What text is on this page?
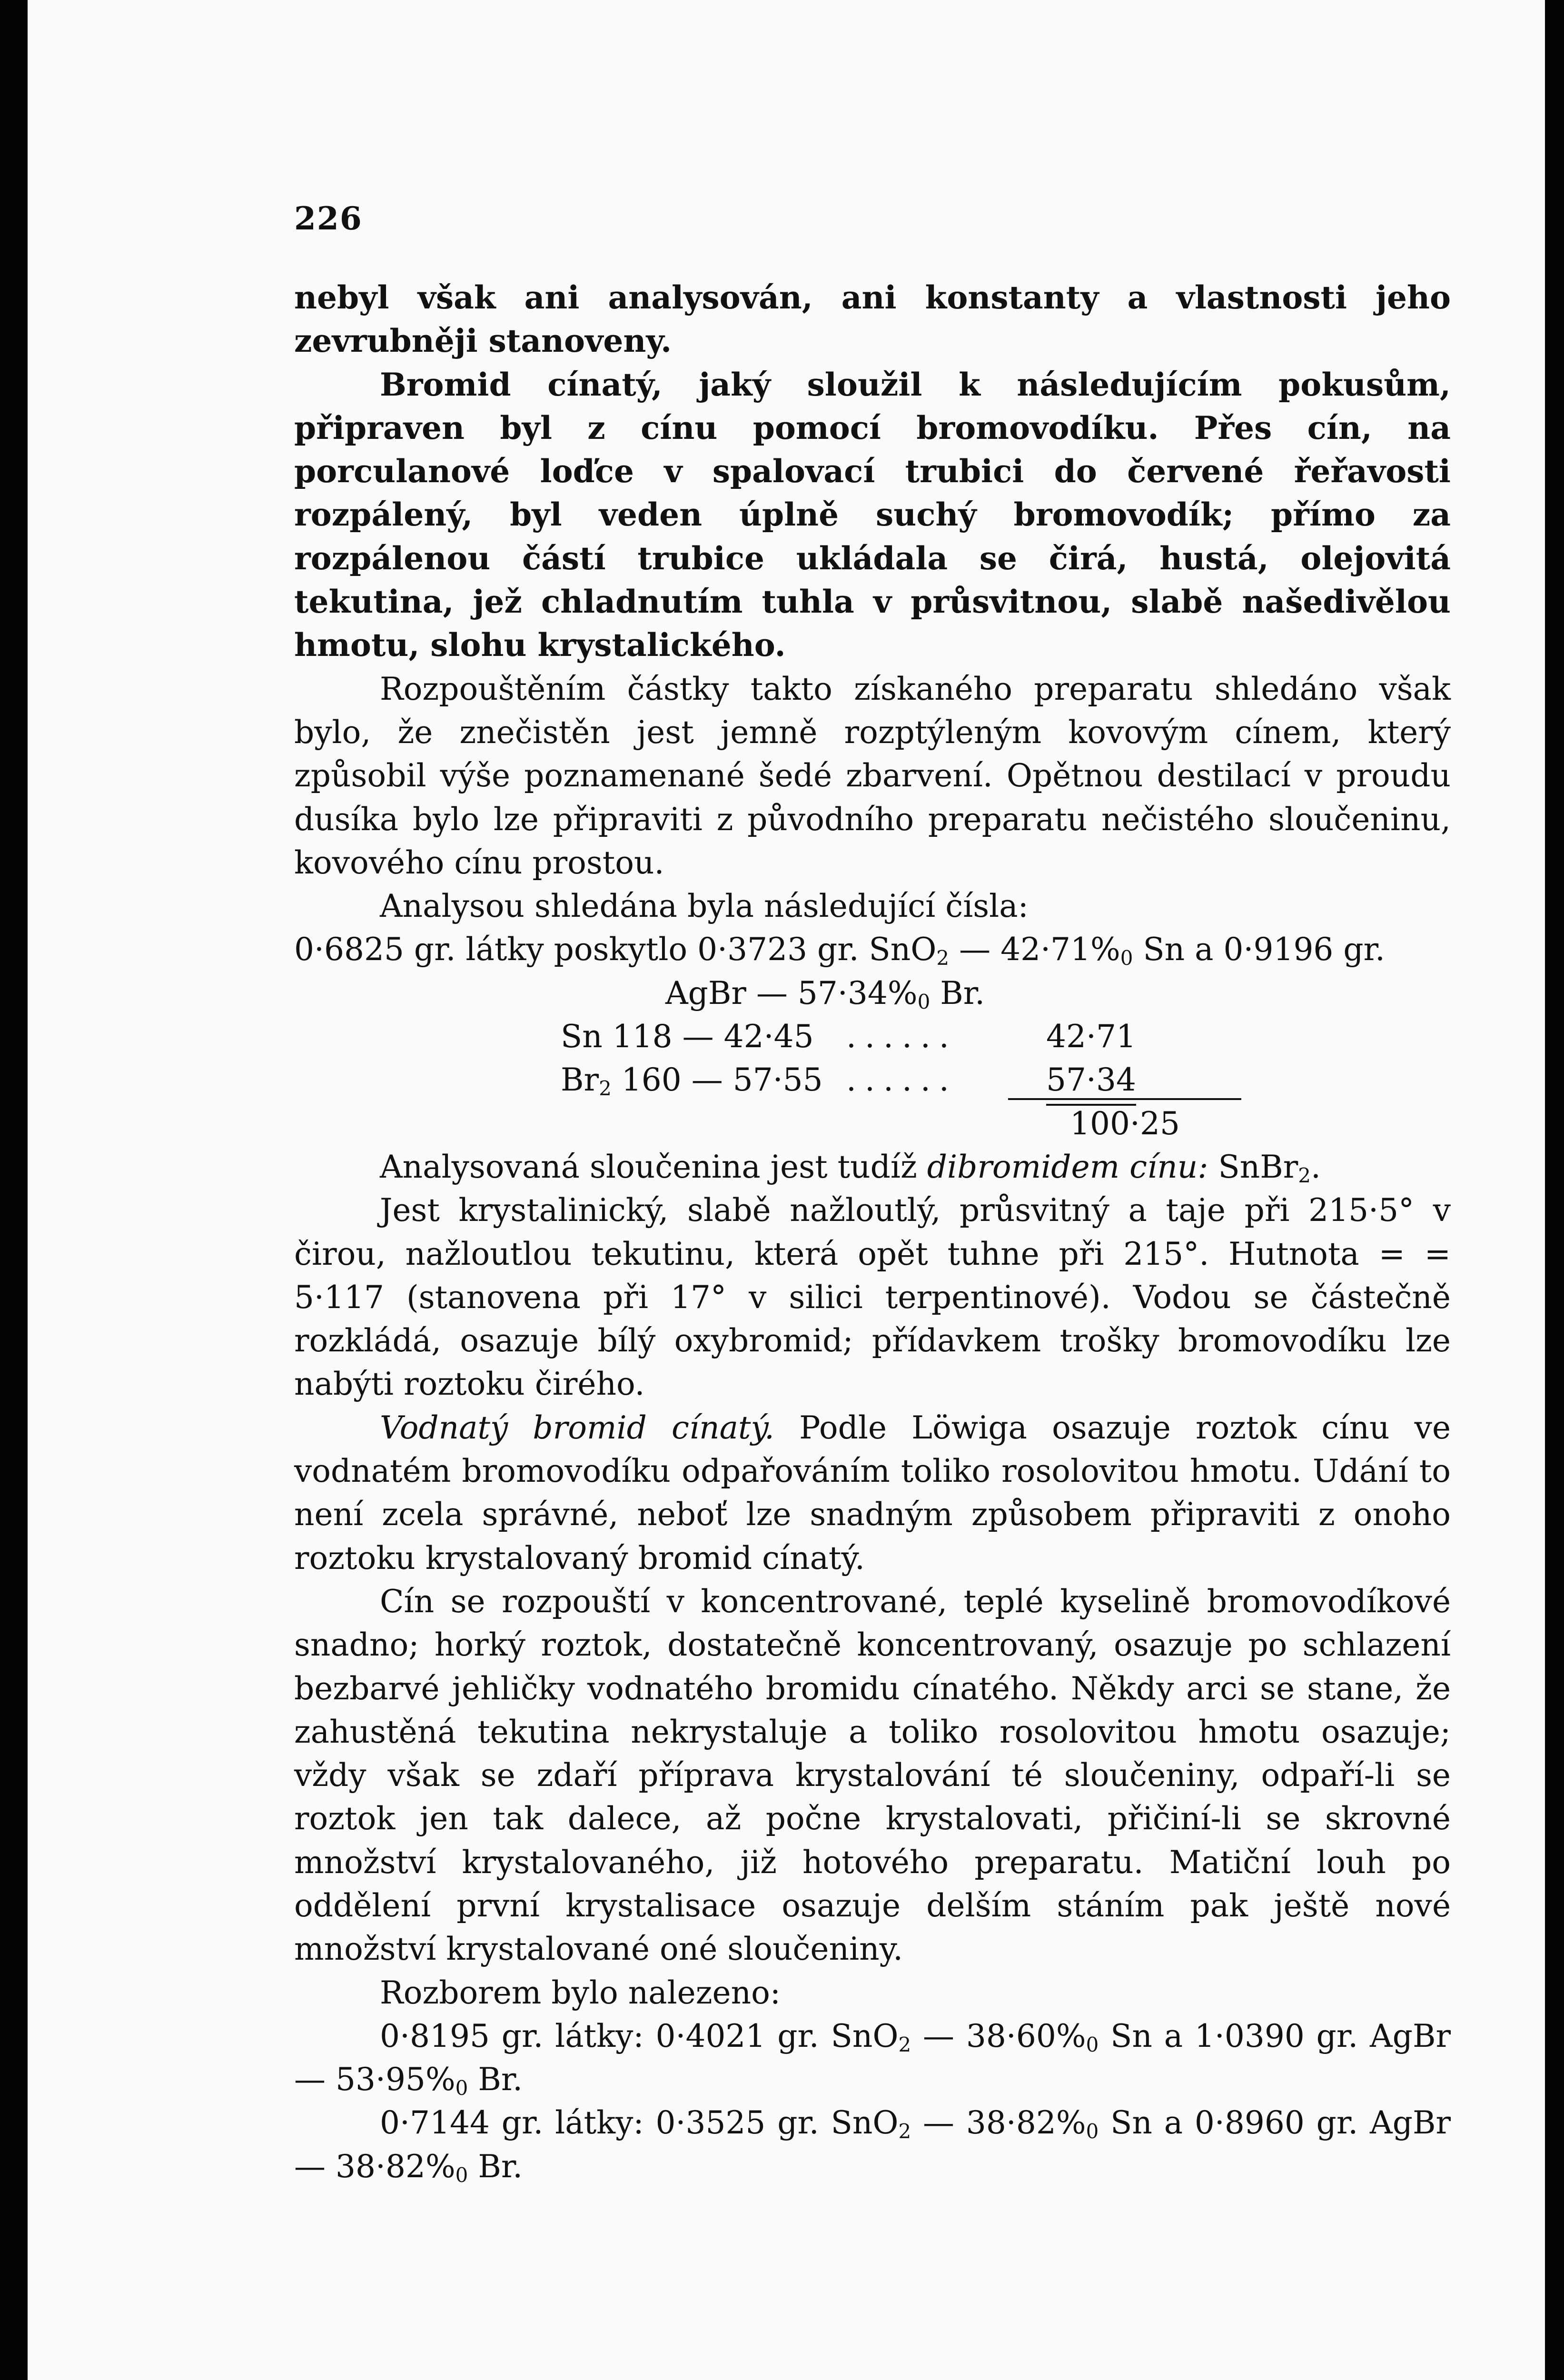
226

nebyl však ani analysován, ani konstanty a vlastnosti jeho zevrubněji stanoveny.

Bromid cínatý, jaký sloužil k následujícím pokusům, připraven byl z cínu pomocí bromovodíku. Přes cín, na porculanové loďce v spalovací trubici do červené řeřavosti rozpálený, byl veden úplně suchý bromovodík; přímo za rozpálenou částí trubice ukládala se čirá, hustá, olejovitá tekutina, jež chladnutím tuhla v průsvitnou, slabě našedivělou hmotu, slohu krystalického.

Rozpouštěním částky takto získaného preparatu shledáno však bylo, že znečistěn jest jemně rozptýleným kovovým cínem, který způsobil výše poznamenané šedé zbarvení. Opětnou destilací v proudu dusíka bylo lze připraviti z původního preparatu nečistého sloučeninu, kovového cínu prostou.

Analysou shledána byla následující čísla:

0·6825 gr. látky poskytlo 0·3723 gr. SnO$_2$ — $42\cdot 71\%_0$ Sn a 0·9196 gr.

AgBr — $57\cdot 34\%_0$ Br.

Sn 118 — 42·45 ......	42·71
$Br_2$ 160 — 57·55 ......	57·34
100·25

Analysovaná sloučenina jest tudíž dibromidem cínu: SnBr$_2$.

Jest krystalinický, slabě nažloutlý, průsvitný a taje při 215·5° v čirou, nažloutlou tekutinu, která opět tuhne při 215°. Hutnota = = 5·117 (stanovena při 17° v silici terpentinové). Vodou se částečně rozkládá, osazuje bílý oxybromid; přídavkem trošky bromovodíku lze nabýti roztoku čirého.

Vodnatý bromid cínatý. Podle Löwiga osazuje roztok cínu ve vodnatém bromovodíku odpařováním toliko rosolovitou hmotu. Udání to není zcela správné, neboť lze snadným způsobem připraviti z onoho roztoku krystalovaný bromid cínatý.

Cín se rozpouští v koncentrované, teplé kyselině bromovodíkové snadno; horký roztok, dostatečně koncentrovaný, osazuje po schlazení bezbarvé jehličky vodnatého bromidu cínatého. Někdy arci se stane, že zahustěná tekutina nekrystaluje a toliko rosolovitou hmotu osazuje; vždy však se zdaří příprava krystalování té sloučeniny, odpaří-li se roztok jen tak dalece, až počne krystalovati, přičiní-li se skrovné množství krystalovaného, již hotového preparatu. Matiční louh po oddělení první krystalisace osazuje delším stáním pak ještě nové množství krystalované oné sloučeniny.

Rozborem bylo nalezeno:

0·8195 gr. látky: 0·4021 gr. SnO$_2$ — $38\cdot 60\%_0$ Sn a 1·0390 gr. AgBr — $53\cdot 95\%_0$ Br.

0·7144 gr. látky: 0·3525 gr. SnO$_2$ — $38\cdot 82\%_0$ Sn a 0·8960 gr. AgBr — $38\cdot 82\%_0$ Br.
